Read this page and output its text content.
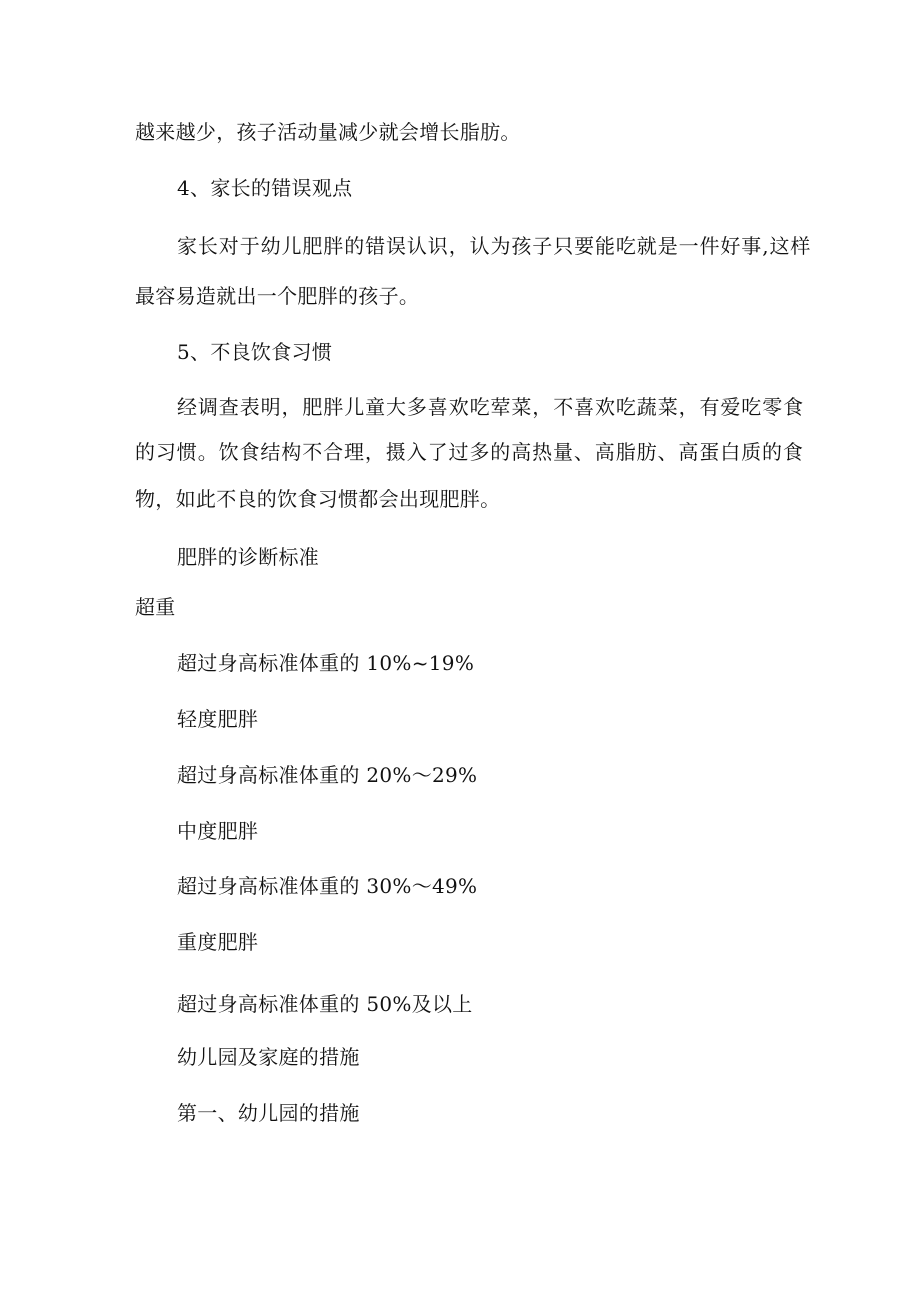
越来越少，孩子活动量减少就会增长脂肪。
4、家长的错误观点
家长对于幼儿肥胖的错误认识，认为孩子只要能吃就是一件好事,这样
最容易造就出一个肥胖的孩子。
5、不良饮食习惯
经调查表明，肥胖儿童大多喜欢吃荤菜，不喜欢吃蔬菜，有爱吃零食
的习惯。饮食结构不合理，摄入了过多的高热量、高脂肪、高蛋白质的食
物，如此不良的饮食习惯都会出现肥胖。
肥胖的诊断标准
超重
超过身高标准体重的 10%~19%
轻度肥胖
超过身高标准体重的 20%～29%
中度肥胖
超过身高标准体重的 30%～49%
重度肥胖
超过身高标准体重的 50%及以上
幼儿园及家庭的措施
第一、幼儿园的措施
